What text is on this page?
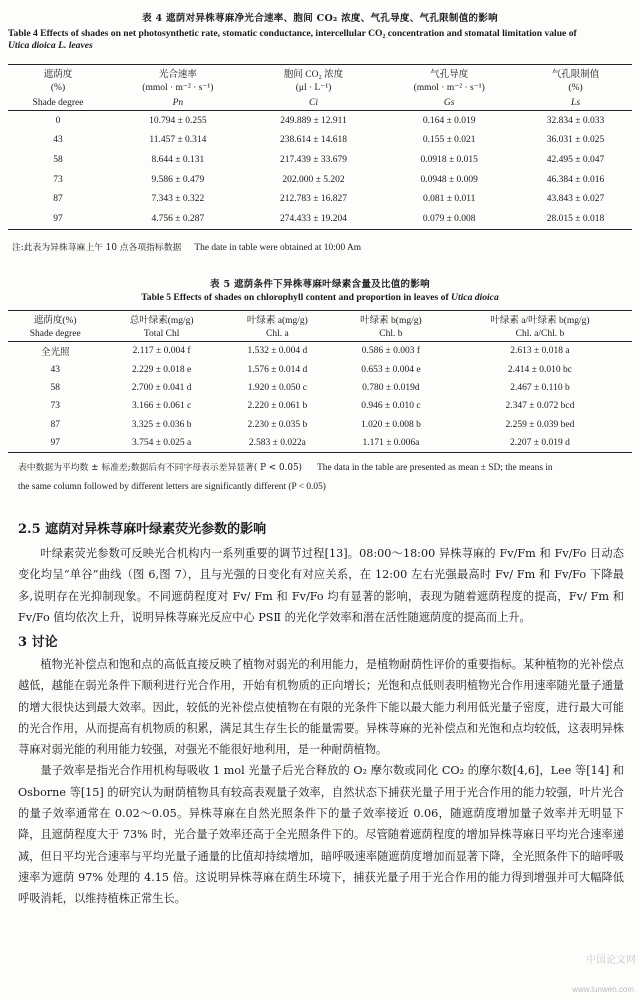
表 4 遮荫对异株荨麻净光合速率、胞间 CO₂ 浓度、气孔导度、气孔限制值的影响
Table 4 Effects of shades on net photosynthetic rate, stomatic conductance, intercellular CO₂ concentration and stomatal limitation value of
Utica dioica L. leaves
遮荫度	光合速率	胞间 CO₂ 浓度	气孔导度	气孔限制值
(%)	(mmol · m⁻² · s⁻¹)	(μl · L⁻¹)	(mmol · m⁻² · s⁻¹)	(%)
Shade degree	Pn	Ci	Gs	Ls
0	10.794 ± 0.255	249.889 ± 12.911	0.164 ± 0.019	32.834 ± 0.033
43	11.457 ± 0.314	238.614 ± 14.618	0.155 ± 0.021	36.031 ± 0.025
58	8.644 ± 0.131	217.439 ± 33.679	0.0918 ± 0.015	42.495 ± 0.047
73	9.586 ± 0.479	202.000 ± 5.202	0.0948 ± 0.009	46.384 ± 0.016
87	7.343 ± 0.322	212.783 ± 16.827	0.081 ± 0.011	43.843 ± 0.027
97	4.756 ± 0.287	274.433 ± 19.204	0.079 ± 0.008	28.015 ± 0.018
注:此表为异株荨麻上午 10 点各项指标数据 The date in table were obtained at 10:00 Am
表 5 遮荫条件下异株荨麻叶绿素含量及比值的影响
Table 5 Effects of shades on chlorophyll content and proportion in leaves of Utica dioica
遮荫度(%)	总叶绿素(mg/g)	叶绿素 a(mg/g)	叶绿素 b(mg/g)	叶绿素 a/叶绿素 b(mg/g)
Shade degree	Total Chl	Chl. a	Chl. b	Chl. a/Chl. b
全光照	2.117 ± 0.004 f	1.532 ± 0.004 d	0.586 ± 0.003 f	2.613 ± 0.018 a
43	2.229 ± 0.018 e	1.576 ± 0.014 d	0.653 ± 0.004 e	2.414 ± 0.010 bc
58	2.700 ± 0.041 d	1.920 ± 0.050 c	0.780 ± 0.019d	2.467 ± 0.110 b
73	3.166 ± 0.061 c	2.220 ± 0.061 b	0.946 ± 0.010 c	2.347 ± 0.072 bcd
87	3.325 ± 0.036 b	2.230 ± 0.035 b	1.020 ± 0.008 b	2.259 ± 0.039 bed
97	3.754 ± 0.025 a	2.583 ± 0.022a	1.171 ± 0.006a	2.207 ± 0.019 d
表中数据为平均数 ± 标准差;数据后有不同字母表示差异显著( P < 0.05) The data in the table are presented as mean ± SD; the means in
the same column followed by different letters are significantly different (P < 0.05)
2.5 遮荫对异株荨麻叶绿素荧光参数的影响

叶绿素荧光参数可反映光合机构内一系列重要的调节过程[13]。08:00～18:00 异株荨麻的 Fv/Fm 和 Fv/Fo 日动态变化均呈“单谷”曲线（图 6,图 7），且与光强的日变化有对应关系，在 12:00 左右光强最高时 Fv/ Fm 和 Fv/Fo 下降最多,说明存在光抑制现象。不同遮荫程度对 Fv/ Fm 和 Fv/Fo 均有显著的影响，表现为随着遮荫程度的提高，Fv/ Fm 和 Fv/Fo 值均依次上升，说明异株荨麻光反应中心 PSⅡ 的光化学效率和潜在活性随遮荫度的提高而上升。

3 讨论

植物光补偿点和饱和点的高低直接反映了植物对弱光的利用能力，是植物耐荫性评价的重要指标。某种植物的光补偿点越低，越能在弱光条件下顺利进行光合作用，开始有机物质的正向增长；光饱和点低则表明植物光合作用速率随光量子通量的增大很快达到最大效率。因此，较低的光补偿点使植物在有限的光条件下能以最大能力利用低光量子密度，进行最大可能的光合作用，从而提高有机物质的积累，满足其生存生长的能量需要。异株荨麻的光补偿点和光饱和点均较低，这表明异株荨麻对弱光能的利用能力较强，对强光不能很好地利用，是一种耐荫植物。

量子效率是指光合作用机构每吸收 1 mol 光量子后光合释放的 O₂ 摩尔数或同化 CO₂ 的摩尔数[4,6]，Lee 等[14] 和 Osborne 等[15] 的研究认为耐荫植物具有较高表观量子效率，自然状态下捕获光量子用于光合作用的能力较强，叶片光合的量子效率通常在 0.02～0.05。异株荨麻在自然光照条件下的量子效率接近 0.06，随遮荫度增加量子效率并无明显下降，且遮荫程度大于 73% 时，光合量子效率还高于全光照条件下的。尽管随着遮荫程度的增加异株荨麻日平均光合速率递减，但日平均光合速率与平均光量子通量的比值却持续增加，暗呼吸速率随遮荫度增加而显著下降，全光照条件下的暗呼吸速率为遮荫 97% 处理的 4.15 倍。这说明异株荨麻在荫生环境下，捕获光量子用于光合作用的能力得到增强并可大幅降低呼吸消耗，以维持植株正常生长。

中国论文网
www.lunwen.com
